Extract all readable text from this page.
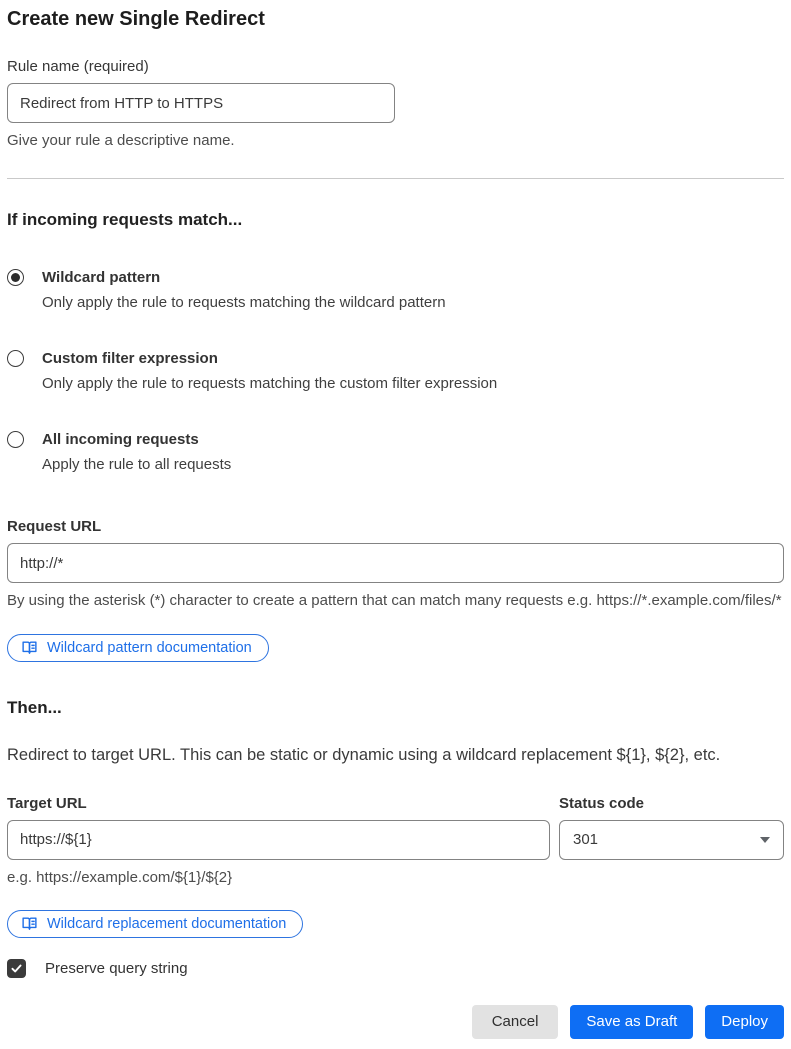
Create new Single Redirect
Rule name (required)
Redirect from HTTP to HTTPS
Give your rule a descriptive name.
If incoming requests match...
Wildcard pattern
Only apply the rule to requests matching the wildcard pattern
Custom filter expression
Only apply the rule to requests matching the custom filter expression
All incoming requests
Apply the rule to all requests
Request URL
http://*
By using the asterisk (*) character to create a pattern that can match many requests e.g. https://*.example.com/files/*
Wildcard pattern documentation
Then...

Redirect to target URL. This can be static or dynamic using a wildcard replacement ${1}, ${2}, etc.

Target URL
https://${1}
e.g. https://example.com/${1}/${2}
Status code
301
Wildcard replacement documentation
Preserve query string
Cancel	Save as Draft	Deploy
